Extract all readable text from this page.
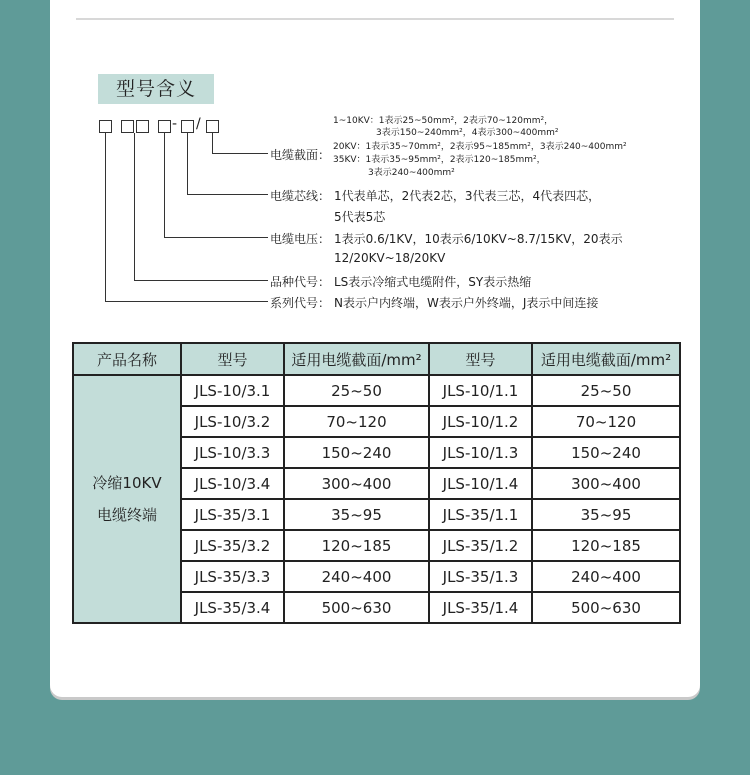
型号含义
- /
电缆截面：
1~10KV：1表示25~50mm²，2表示70~120mm²，
3表示150~240mm²，4表示300~400mm²
20KV：1表示35~70mm²，2表示95~185mm²，3表示240~400mm²
35KV：1表示35~95mm²，2表示120~185mm²，
3表示240~400mm²
电缆芯线： 1代表单芯，2代表2芯，3代表三芯，4代表四芯，
5代表5芯
电缆电压： 1表示0.6/1KV，10表示6/10KV~8.7/15KV，20表示
12/20KV~18/20KV
品种代号： LS表示冷缩式电缆附件，SY表示热缩
系列代号： N表示户内终端，W表示户外终端，J表示中间连接
产品名称	型号	适用电缆截面/mm²	型号	适用电缆截面/mm²

冷缩10KV
电缆终端	JLS-10/3.1	25~50	JLS-10/1.1	25~50
	JLS-10/3.2	70~120	JLS-10/1.2	70~120
	JLS-10/3.3	150~240	JLS-10/1.3	150~240
	JLS-10/3.4	300~400	JLS-10/1.4	300~400
	JLS-35/3.1	35~95	JLS-35/1.1	35~95
	JLS-35/3.2	120~185	JLS-35/1.2	120~185
	JLS-35/3.3	240~400	JLS-35/1.3	240~400
	JLS-35/3.4	500~630	JLS-35/1.4	500~630
